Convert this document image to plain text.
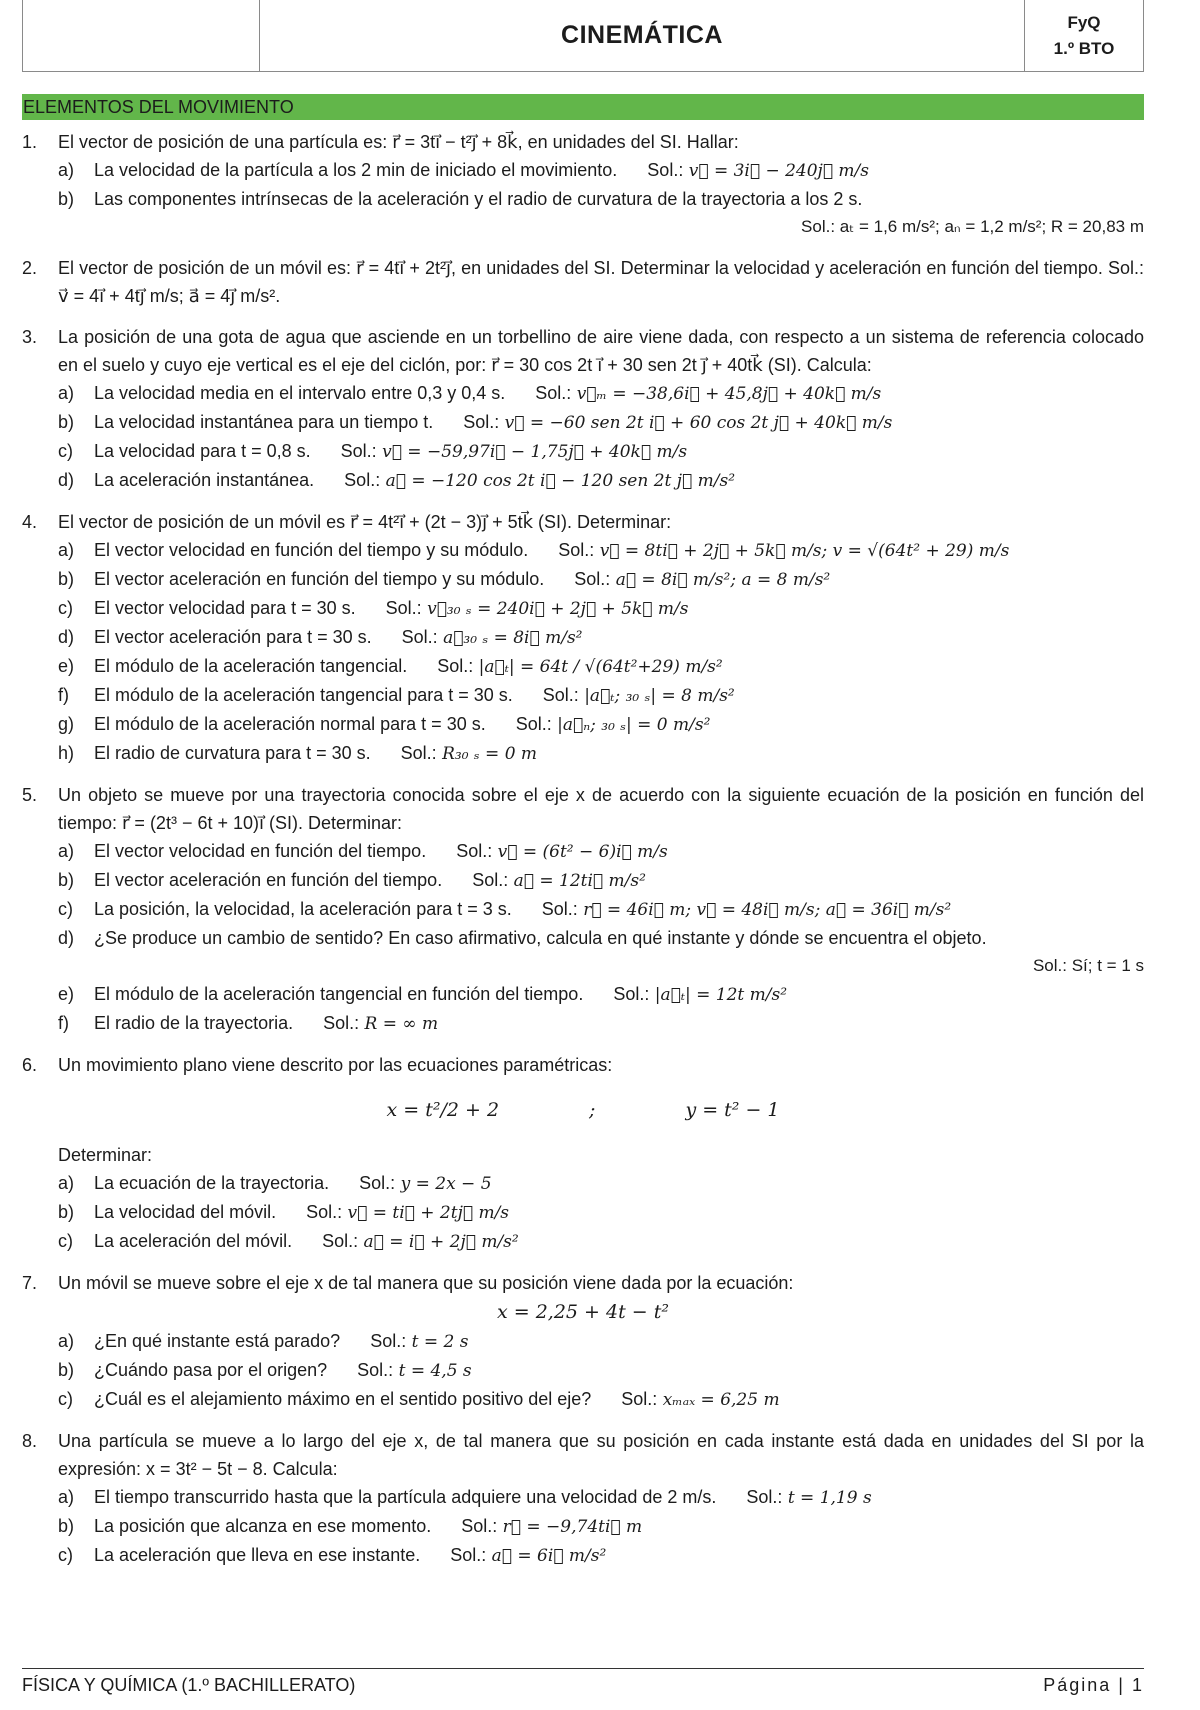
CINEMÁTICA	FyQ
1.º BTO
ELEMENTOS DEL MOVIMIENTO
1. El vector de posición de una partícula es: r⃗ = 3ti⃗ − t²j⃗ + 8k⃗, en unidades del SI. Hallar:
a)	La velocidad de la partícula a los 2 min de iniciado el movimiento. Sol.: v⃗ = 3i⃗ − 240j⃗ m/s
b)	Las componentes intrínsecas de la aceleración y el radio de curvatura de la trayectoria a los 2 s.
Sol.: aₜ = 1,6 m/s²; aₙ = 1,2 m/s²; R = 20,83 m
2. El vector de posición de un móvil es: r⃗ = 4ti⃗ + 2t²j⃗, en unidades del SI. Determinar la velocidad y aceleración en función del tiempo. Sol.: v⃗ = 4i⃗ + 4tj⃗ m/s; a⃗ = 4j⃗ m/s².
3. La posición de una gota de agua que asciende en un torbellino de aire viene dada, con respecto a un sistema de referencia colocado en el suelo y cuyo eje vertical es el eje del ciclón, por: r⃗ = 30 cos 2t i⃗ + 30 sen 2t j⃗ + 40tk⃗ (SI). Calcula:
a)	La velocidad media en el intervalo entre 0,3 y 0,4 s. Sol.: v⃗ₘ = −38,6i⃗ + 45,8j⃗ + 40k⃗ m/s
b)	La velocidad instantánea para un tiempo t. Sol.: v⃗ = −60 sen 2t i⃗ + 60 cos 2t j⃗ + 40k⃗ m/s
c)	La velocidad para t = 0,8 s. Sol.: v⃗ = −59,97i⃗ − 1,75j⃗ + 40k⃗ m/s
d)	La aceleración instantánea. Sol.: a⃗ = −120 cos 2t i⃗ − 120 sen 2t j⃗ m/s²
4. El vector de posición de un móvil es r⃗ = 4t²i⃗ + (2t − 3)j⃗ + 5tk⃗ (SI). Determinar:
a)	El vector velocidad en función del tiempo y su módulo. Sol.: v⃗ = 8ti⃗ + 2j⃗ + 5k⃗ m/s; v = √(64t² + 29) m/s
b)	El vector aceleración en función del tiempo y su módulo. Sol.: a⃗ = 8i⃗ m/s²; a = 8 m/s²
c)	El vector velocidad para t = 30 s. Sol.: v⃗₃₀ ₛ = 240i⃗ + 2j⃗ + 5k⃗ m/s
d)	El vector aceleración para t = 30 s. Sol.: a⃗₃₀ ₛ = 8i⃗ m/s²
e)	El módulo de la aceleración tangencial. Sol.: |a⃗ₜ| = 64t / √(64t²+29) m/s²
f)	El módulo de la aceleración tangencial para t = 30 s. Sol.: |a⃗ₜ; ₃₀ ₛ| = 8 m/s²
g)	El módulo de la aceleración normal para t = 30 s. Sol.: |a⃗ₙ; ₃₀ ₛ| = 0 m/s²
h)	El radio de curvatura para t = 30 s. Sol.: R₃₀ ₛ = 0 m
5. Un objeto se mueve por una trayectoria conocida sobre el eje x de acuerdo con la siguiente ecuación de la posición en función del tiempo: r⃗ = (2t³ − 6t + 10)i⃗ (SI). Determinar:
a)	El vector velocidad en función del tiempo. Sol.: v⃗ = (6t² − 6)i⃗ m/s
b)	El vector aceleración en función del tiempo. Sol.: a⃗ = 12ti⃗ m/s²
c)	La posición, la velocidad, la aceleración para t = 3 s. Sol.: r⃗ = 46i⃗ m; v⃗ = 48i⃗ m/s; a⃗ = 36i⃗ m/s²
d)	¿Se produce un cambio de sentido? En caso afirmativo, calcula en qué instante y dónde se encuentra el objeto.
Sol.: Sí; t = 1 s
e)	El módulo de la aceleración tangencial en función del tiempo. Sol.: |a⃗ₜ| = 12t m/s²
f)	El radio de la trayectoria. Sol.: R = ∞ m
6. Un movimiento plano viene descrito por las ecuaciones paramétricas:
x = t²/2 + 2	;	y = t² − 1
Determinar:
a)	La ecuación de la trayectoria. Sol.: y = 2x − 5
b)	La velocidad del móvil. Sol.: v⃗ = ti⃗ + 2tj⃗ m/s
c)	La aceleración del móvil. Sol.: a⃗ = i⃗ + 2j⃗ m/s²
7. Un móvil se mueve sobre el eje x de tal manera que su posición viene dada por la ecuación:
x = 2,25 + 4t − t²
a)	¿En qué instante está parado? Sol.: t = 2 s
b)	¿Cuándo pasa por el origen? Sol.: t = 4,5 s
c)	¿Cuál es el alejamiento máximo en el sentido positivo del eje? Sol.: xₘₐₓ = 6,25 m
8. Una partícula se mueve a lo largo del eje x, de tal manera que su posición en cada instante está dada en unidades del SI por la expresión: x = 3t² − 5t − 8. Calcula:
a)	El tiempo transcurrido hasta que la partícula adquiere una velocidad de 2 m/s. Sol.: t = 1,19 s
b)	La posición que alcanza en ese momento. Sol.: r⃗ = −9,74ti⃗ m
c)	La aceleración que lleva en ese instante. Sol.: a⃗ = 6i⃗ m/s²
FÍSICA Y QUÍMICA (1.º BACHILLERATO)	Página | 1
